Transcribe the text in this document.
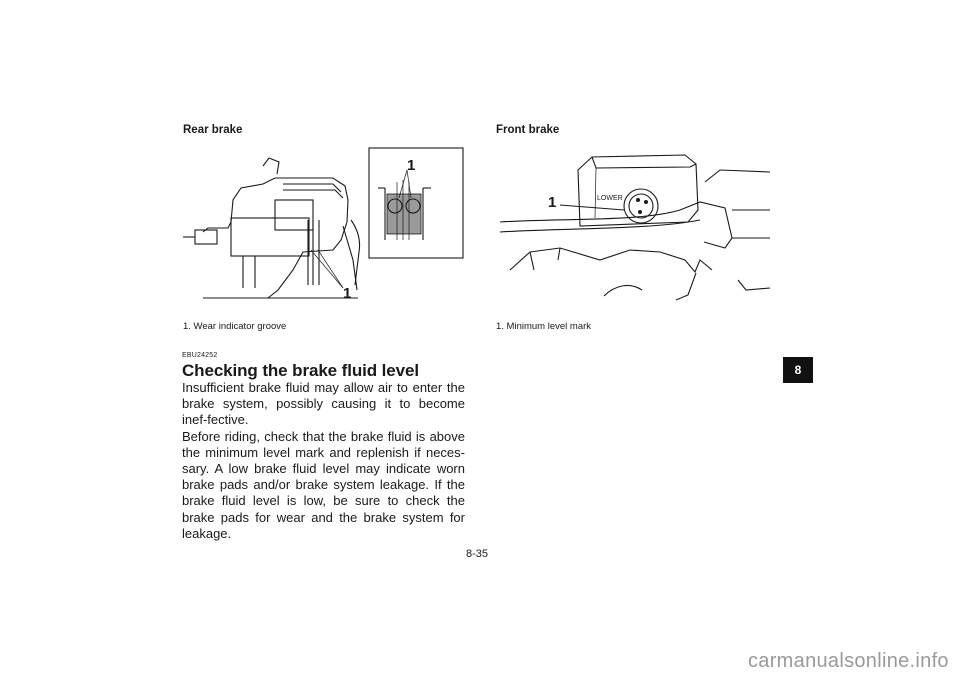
Rear brake
1
1
1. Wear indicator groove
Front brake
LOWER
1
1. Minimum level mark
EBU24252
Checking the brake fluid level

Insufficient brake fluid may allow air to enter the brake system, possibly causing it to become inef-fective.

Before riding, check that the brake fluid is above the minimum level mark and replenish if neces-sary. A low brake fluid level may indicate worn brake pads and/or brake system leakage. If the brake fluid level is low, be sure to check the brake pads for wear and the brake system for leakage.

8
8-35
carmanualsonline.info
